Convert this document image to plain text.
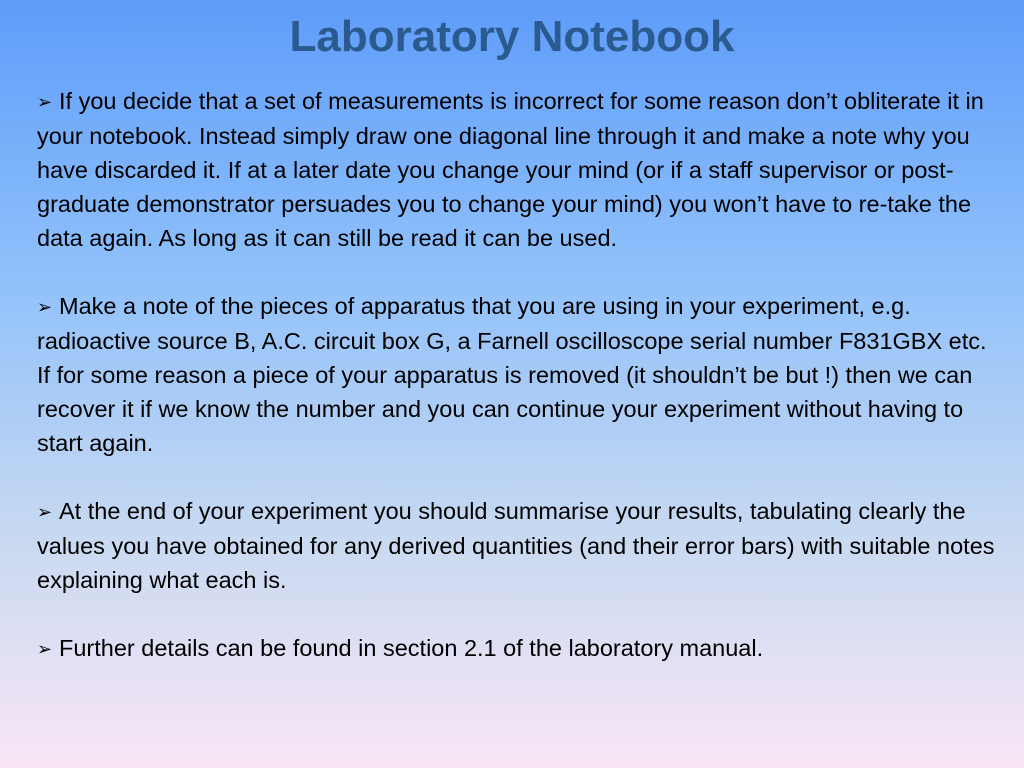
Laboratory Notebook

➢ If you decide that a set of measurements is incorrect for some reason don’t obliterate it in your notebook. Instead simply draw one diagonal line through it and make a note why you have discarded it. If at a later date you change your mind (or if a staff supervisor or post-graduate demonstrator persuades you to change your mind) you won’t have to re-take the data again. As long as it can still be read it can be used.

➢ Make a note of the pieces of apparatus that you are using in your experiment, e.g. radioactive source B, A.C. circuit box G, a Farnell oscilloscope serial number F831GBX etc. If for some reason a piece of your apparatus is removed (it shouldn’t be but !) then we can recover it if we know the number and you can continue your experiment without having to start again.

➢ At the end of your experiment you should summarise your results, tabulating clearly the values you have obtained for any derived quantities (and their error bars) with suitable notes explaining what each is.

➢ Further details can be found in section 2.1 of the laboratory manual.
